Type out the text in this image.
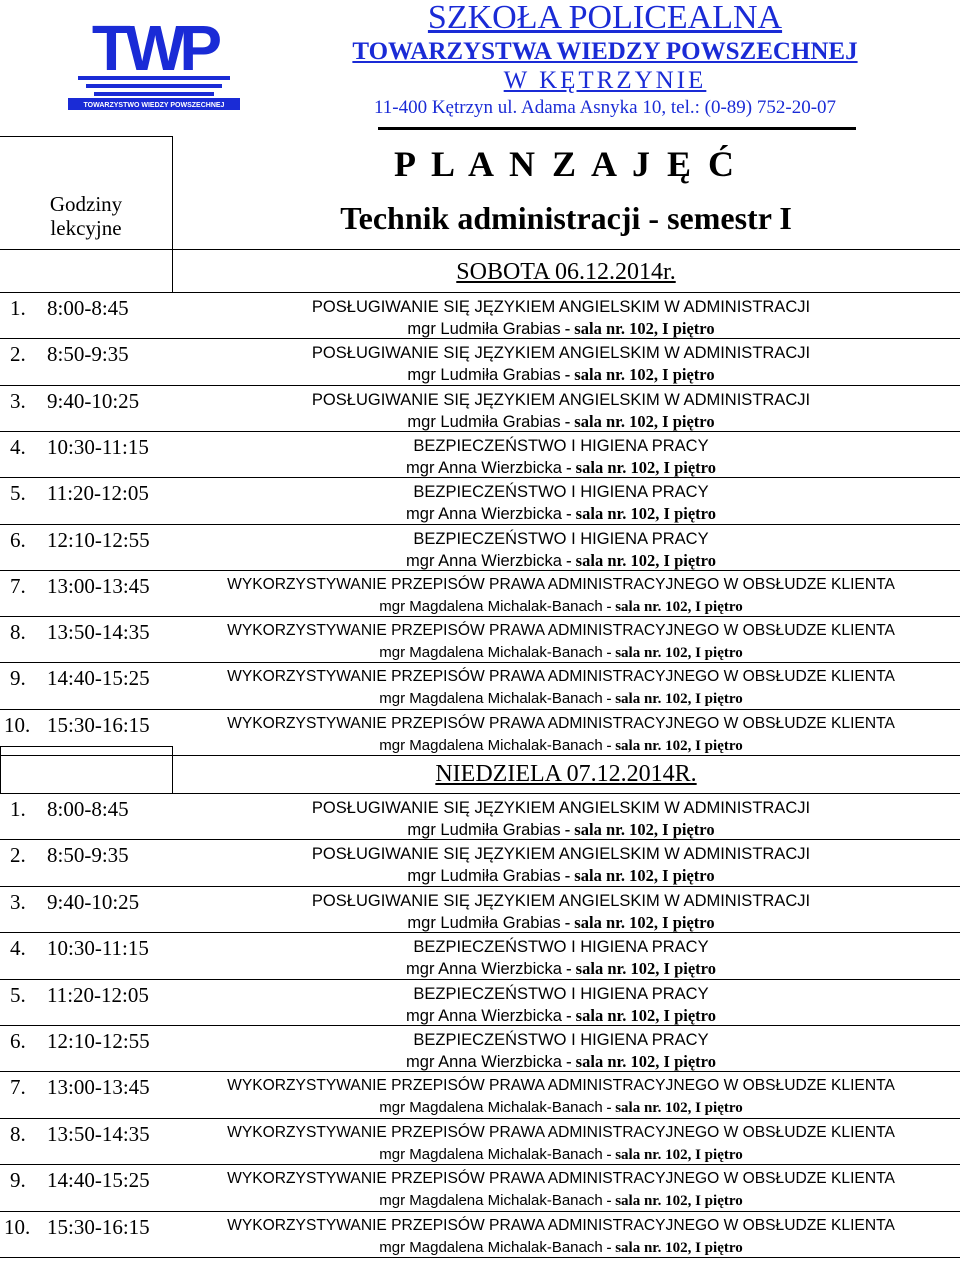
TWP
TOWARZYSTWO WIEDZY POWSZECHNEJ
SZKOŁA POLICEALNA
TOWARZYSTWA WIEDZY POWSZECHNEJ
W KĘTRZYNIE
11-400 Kętrzyn ul. Adama Asnyka 10, tel.: (0-89) 752-20-07
Godziny
lekcyjne
P L A N Z A J Ę Ć
Technik administracji - semestr I
SOBOTA 06.12.2014r.
1. 8:00-8:45	POSŁUGIWANIE SIĘ JĘZYKIEM ANGIELSKIM W ADMINISTRACJI
mgr Ludmiła Grabias - sala nr. 102, I piętro
2. 8:50-9:35	POSŁUGIWANIE SIĘ JĘZYKIEM ANGIELSKIM W ADMINISTRACJI
mgr Ludmiła Grabias - sala nr. 102, I piętro
3. 9:40-10:25	POSŁUGIWANIE SIĘ JĘZYKIEM ANGIELSKIM W ADMINISTRACJI
mgr Ludmiła Grabias - sala nr. 102, I piętro
4. 10:30-11:15	BEZPIECZEŃSTWO I HIGIENA PRACY
mgr Anna Wierzbicka - sala nr. 102, I piętro
5. 11:20-12:05	BEZPIECZEŃSTWO I HIGIENA PRACY
mgr Anna Wierzbicka - sala nr. 102, I piętro
6. 12:10-12:55	BEZPIECZEŃSTWO I HIGIENA PRACY
mgr Anna Wierzbicka - sala nr. 102, I piętro
7. 13:00-13:45	WYKORZYSTYWANIE PRZEPISÓW PRAWA ADMINISTRACYJNEGO W OBSŁUDZE KLIENTA
mgr Magdalena Michalak-Banach - sala nr. 102, I piętro
8. 13:50-14:35	WYKORZYSTYWANIE PRZEPISÓW PRAWA ADMINISTRACYJNEGO W OBSŁUDZE KLIENTA
mgr Magdalena Michalak-Banach - sala nr. 102, I piętro
9. 14:40-15:25	WYKORZYSTYWANIE PRZEPISÓW PRAWA ADMINISTRACYJNEGO W OBSŁUDZE KLIENTA
mgr Magdalena Michalak-Banach - sala nr. 102, I piętro
10. 15:30-16:15	WYKORZYSTYWANIE PRZEPISÓW PRAWA ADMINISTRACYJNEGO W OBSŁUDZE KLIENTA
mgr Magdalena Michalak-Banach - sala nr. 102, I piętro
NIEDZIELA 07.12.2014R.
1. 8:00-8:45	POSŁUGIWANIE SIĘ JĘZYKIEM ANGIELSKIM W ADMINISTRACJI
mgr Ludmiła Grabias - sala nr. 102, I piętro
2. 8:50-9:35	POSŁUGIWANIE SIĘ JĘZYKIEM ANGIELSKIM W ADMINISTRACJI
mgr Ludmiła Grabias - sala nr. 102, I piętro
3. 9:40-10:25	POSŁUGIWANIE SIĘ JĘZYKIEM ANGIELSKIM W ADMINISTRACJI
mgr Ludmiła Grabias - sala nr. 102, I piętro
4. 10:30-11:15	BEZPIECZEŃSTWO I HIGIENA PRACY
mgr Anna Wierzbicka - sala nr. 102, I piętro
5. 11:20-12:05	BEZPIECZEŃSTWO I HIGIENA PRACY
mgr Anna Wierzbicka - sala nr. 102, I piętro
6. 12:10-12:55	BEZPIECZEŃSTWO I HIGIENA PRACY
mgr Anna Wierzbicka - sala nr. 102, I piętro
7. 13:00-13:45	WYKORZYSTYWANIE PRZEPISÓW PRAWA ADMINISTRACYJNEGO W OBSŁUDZE KLIENTA
mgr Magdalena Michalak-Banach - sala nr. 102, I piętro
8. 13:50-14:35	WYKORZYSTYWANIE PRZEPISÓW PRAWA ADMINISTRACYJNEGO W OBSŁUDZE KLIENTA
mgr Magdalena Michalak-Banach - sala nr. 102, I piętro
9. 14:40-15:25	WYKORZYSTYWANIE PRZEPISÓW PRAWA ADMINISTRACYJNEGO W OBSŁUDZE KLIENTA
mgr Magdalena Michalak-Banach - sala nr. 102, I piętro
10. 15:30-16:15	WYKORZYSTYWANIE PRZEPISÓW PRAWA ADMINISTRACYJNEGO W OBSŁUDZE KLIENTA
mgr Magdalena Michalak-Banach - sala nr. 102, I piętro
